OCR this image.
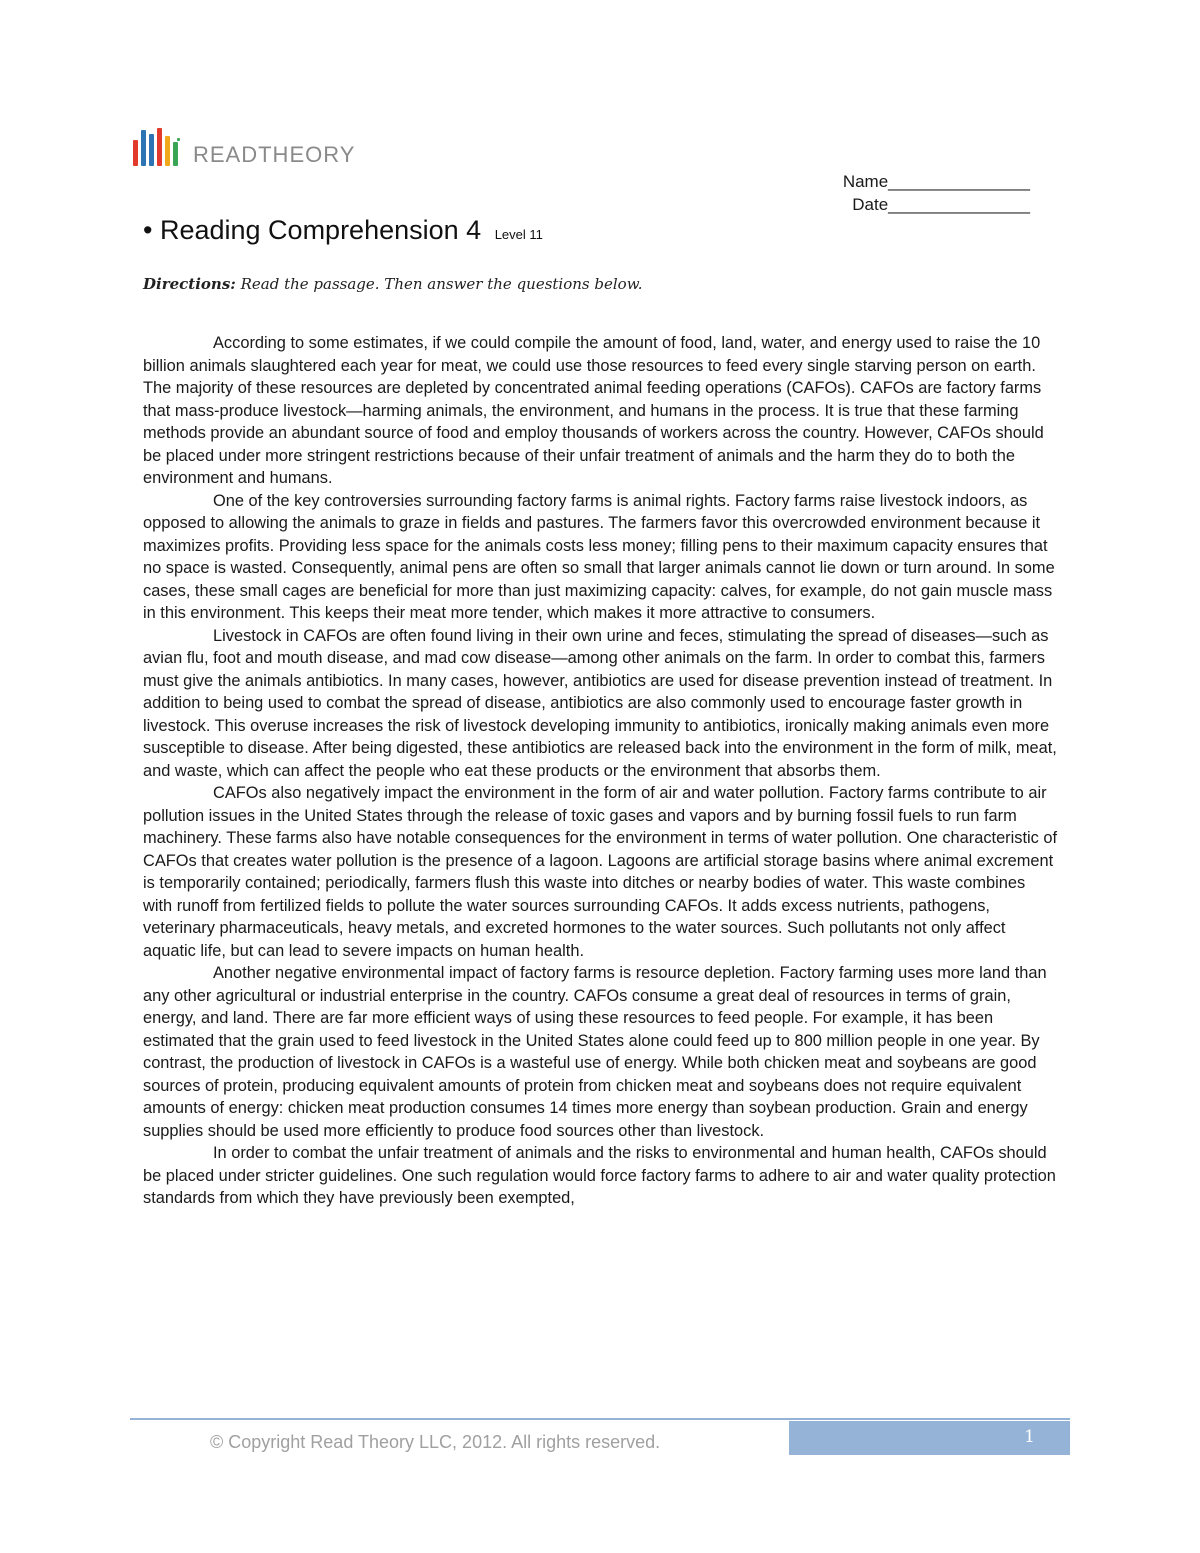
READTHEORY
Name_______________
Date_______________
• Reading Comprehension 4 Level 11
Directions: Read the passage. Then answer the questions below.

According to some estimates, if we could compile the amount of food, land, water, and energy used to raise the 10 billion animals slaughtered each year for meat, we could use those resources to feed every single starving person on earth. The majority of these resources are depleted by concentrated animal feeding operations (CAFOs). CAFOs are factory farms that mass-produce livestock—harming animals, the environment, and humans in the process. It is true that these farming methods provide an abundant source of food and employ thousands of workers across the country. However, CAFOs should be placed under more stringent restrictions because of their unfair treatment of animals and the harm they do to both the environment and humans.

One of the key controversies surrounding factory farms is animal rights. Factory farms raise livestock indoors, as opposed to allowing the animals to graze in fields and pastures. The farmers favor this overcrowded environment because it maximizes profits. Providing less space for the animals costs less money; filling pens to their maximum capacity ensures that no space is wasted. Consequently, animal pens are often so small that larger animals cannot lie down or turn around. In some cases, these small cages are beneficial for more than just maximizing capacity: calves, for example, do not gain muscle mass in this environment. This keeps their meat more tender, which makes it more attractive to consumers.

Livestock in CAFOs are often found living in their own urine and feces, stimulating the spread of diseases—such as avian flu, foot and mouth disease, and mad cow disease—among other animals on the farm. In order to combat this, farmers must give the animals antibiotics. In many cases, however, antibiotics are used for disease prevention instead of treatment. In addition to being used to combat the spread of disease, antibiotics are also commonly used to encourage faster growth in livestock. This overuse increases the risk of livestock developing immunity to antibiotics, ironically making animals even more susceptible to disease. After being digested, these antibiotics are released back into the environment in the form of milk, meat, and waste, which can affect the people who eat these products or the environment that absorbs them.

CAFOs also negatively impact the environment in the form of air and water pollution. Factory farms contribute to air pollution issues in the United States through the release of toxic gases and vapors and by burning fossil fuels to run farm machinery. These farms also have notable consequences for the environment in terms of water pollution. One characteristic of CAFOs that creates water pollution is the presence of a lagoon. Lagoons are artificial storage basins where animal excrement is temporarily contained; periodically, farmers flush this waste into ditches or nearby bodies of water. This waste combines with runoff from fertilized fields to pollute the water sources surrounding CAFOs. It adds excess nutrients, pathogens, veterinary pharmaceuticals, heavy metals, and excreted hormones to the water sources. Such pollutants not only affect aquatic life, but can lead to severe impacts on human health.

Another negative environmental impact of factory farms is resource depletion. Factory farming uses more land than any other agricultural or industrial enterprise in the country. CAFOs consume a great deal of resources in terms of grain, energy, and land. There are far more efficient ways of using these resources to feed people. For example, it has been estimated that the grain used to feed livestock in the United States alone could feed up to 800 million people in one year. By contrast, the production of livestock in CAFOs is a wasteful use of energy. While both chicken meat and soybeans are good sources of protein, producing equivalent amounts of protein from chicken meat and soybeans does not require equivalent amounts of energy: chicken meat production consumes 14 times more energy than soybean production. Grain and energy supplies should be used more efficiently to produce food sources other than livestock.

In order to combat the unfair treatment of animals and the risks to environmental and human health, CAFOs should be placed under stricter guidelines. One such regulation would force factory farms to adhere to air and water quality protection standards from which they have previously been exempted,

© Copyright Read Theory LLC, 2012. All rights reserved.	1
